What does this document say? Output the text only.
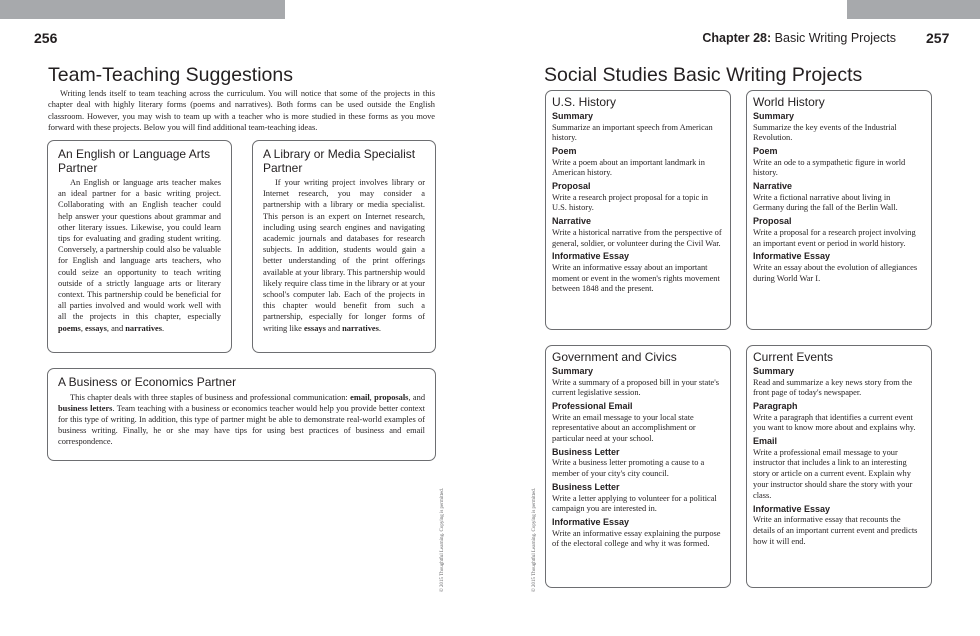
256	Chapter 28: Basic Writing Projects 257
Team-Teaching Suggestions

Writing lends itself to team teaching across the curriculum. You will notice that some of the projects in this chapter deal with highly literary forms (poems and narratives). Both forms can be used outside the English classroom. However, you may wish to team up with a teacher who is more studied in these forms as you move forward with these projects. Below you will find additional team-teaching ideas.

An English or Language Arts Partner

An English or language arts teacher makes an ideal partner for a basic writing project. Collaborating with an English teacher could help answer your questions about grammar and other literary issues. Likewise, you could learn tips for evaluating and grading student writing. Conversely, a partnership could also be valuable for English and language arts teachers, who could seize an opportunity to teach writing outside of a strictly language arts or literary context. This partnership could be beneficial for all parties involved and would work well with all the projects in this chapter, especially poems, essays, and narratives.

A Library or Media Specialist Partner

If your writing project involves library or Internet research, you may consider a partnership with a library or media specialist. This person is an expert on Internet research, including using search engines and navigating academic journals and databases for research subjects. In addition, students would gain a better understanding of the print offerings available at your library. This partnership would likely require class time in the library or at your school's computer lab. Each of the projects in this chapter would benefit from such a partnership, especially for longer forms of writing like essays and narratives.

A Business or Economics Partner

This chapter deals with three staples of business and professional communication: email, proposals, and business letters. Team teaching with a business or economics teacher would help you provide better context for this type of writing. In addition, this type of partner might be able to demonstrate real-world examples of business writing. Finally, he or she may have tips for using best practices of business and email correspondence.

© 2015 Thoughtful Learning. Copying is permitted.
Social Studies Basic Writing Projects
© 2015 Thoughtful Learning. Copying is permitted.
U.S. History
Summary

Summarize an important speech from American history.

Poem

Write a poem about an important landmark in American history.

Proposal

Write a research project proposal for a topic in U.S. history.

Narrative

Write a historical narrative from the perspective of general, soldier, or volunteer during the Civil War.

Informative Essay

Write an informative essay about an important moment or event in the women's rights movement between 1848 and the present.

World History
Summary

Summarize the key events of the Industrial Revolution.

Poem

Write an ode to a sympathetic figure in world history.

Narrative

Write a fictional narrative about living in Germany during the fall of the Berlin Wall.

Proposal

Write a proposal for a research project involving an important event or period in world history.

Informative Essay

Write an essay about the evolution of allegiances during World War I.

Government and Civics
Summary

Write a summary of a proposed bill in your state's current legislative session.

Professional Email

Write an email message to your local state representative about an accomplishment or particular need at your school.

Business Letter

Write a business letter promoting a cause to a member of your city's city council.

Business Letter

Write a letter applying to volunteer for a political campaign you are interested in.

Informative Essay

Write an informative essay explaining the purpose of the electoral college and why it was formed.

Current Events
Summary

Read and summarize a key news story from the front page of today's newspaper.

Paragraph

Write a paragraph that identifies a current event you want to know more about and explains why.

Email

Write a professional email message to your instructor that includes a link to an interesting story or article on a current event. Explain why your instructor should share the story with your class.

Informative Essay

Write an informative essay that recounts the details of an important current event and predicts how it will end.
